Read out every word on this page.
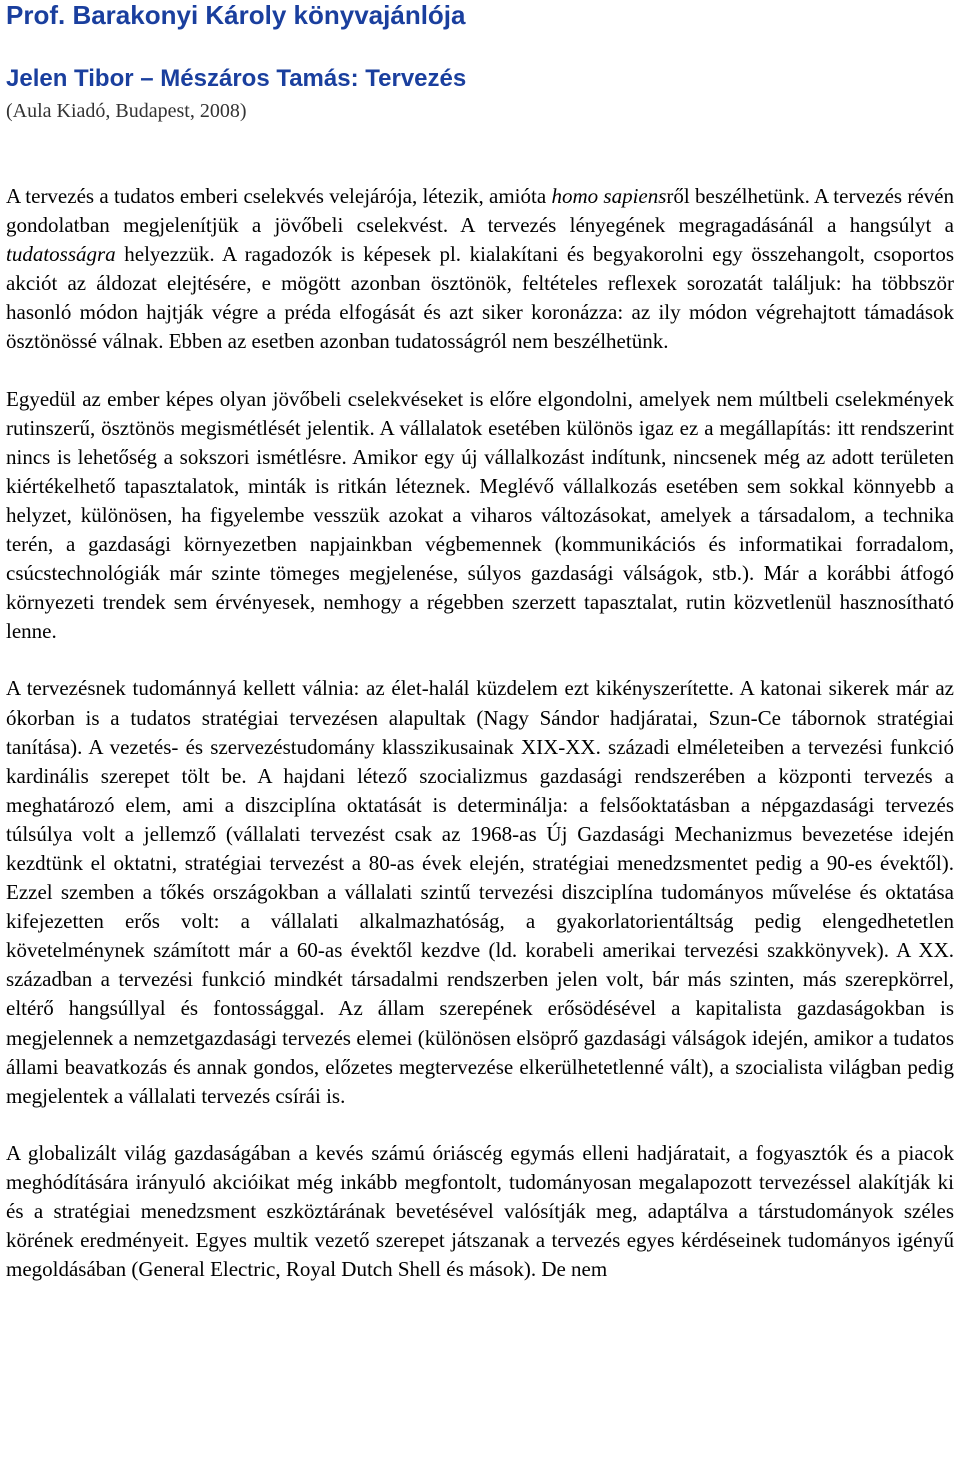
Prof. Barakonyi Károly könyvajánlója
Jelen Tibor – Mészáros Tamás: Tervezés
(Aula Kiadó, Budapest, 2008)

A tervezés a tudatos emberi cselekvés velejárója, létezik, amióta homo sapiensről beszélhetünk. A tervezés révén gondolatban megjelenítjük a jövőbeli cselekvést. A tervezés lényegének megragadásánál a hangsúlyt a tudatosságra helyezzük. A ragadozók is képesek pl. kialakítani és begyakorolni egy összehangolt, csoportos akciót az áldozat elejtésére, e mögött azonban ösztönök, feltételes reflexek sorozatát találjuk: ha többször hasonló módon hajtják végre a préda elfogását és azt siker koronázza: az ily módon végrehajtott támadások ösztönössé válnak. Ebben az esetben azonban tudatosságról nem beszélhetünk.

Egyedül az ember képes olyan jövőbeli cselekvéseket is előre elgondolni, amelyek nem múltbeli cselekmények rutinszerű, ösztönös megismétlését jelentik. A vállalatok esetében különös igaz ez a megállapítás: itt rendszerint nincs is lehetőség a sokszori ismétlésre. Amikor egy új vállalkozást indítunk, nincsenek még az adott területen kiértékelhető tapasztalatok, minták is ritkán léteznek. Meglévő vállalkozás esetében sem sokkal könnyebb a helyzet, különösen, ha figyelembe vesszük azokat a viharos változásokat, amelyek a társadalom, a technika terén, a gazdasági környezetben napjainkban végbemennek (kommunikációs és informatikai forradalom, csúcstechnológiák már szinte tömeges megjelenése, súlyos gazdasági válságok, stb.). Már a korábbi átfogó környezeti trendek sem érvényesek, nemhogy a régebben szerzett tapasztalat, rutin közvetlenül hasznosítható lenne.

A tervezésnek tudománnyá kellett válnia: az élet-halál küzdelem ezt kikényszerítette. A katonai sikerek már az ókorban is a tudatos stratégiai tervezésen alapultak (Nagy Sándor hadjáratai, Szun-Ce tábornok stratégiai tanítása). A vezetés- és szervezéstudomány klasszikusainak XIX-XX. századi elméleteiben a tervezési funkció kardinális szerepet tölt be. A hajdani létező szocializmus gazdasági rendszerében a központi tervezés a meghatározó elem, ami a diszciplína oktatását is determinálja: a felsőoktatásban a népgazdasági tervezés túlsúlya volt a jellemző (vállalati tervezést csak az 1968-as Új Gazdasági Mechanizmus bevezetése idején kezdtünk el oktatni, stratégiai tervezést a 80-as évek elején, stratégiai menedzsmentet pedig a 90-es évektől). Ezzel szemben a tőkés országokban a vállalati szintű tervezési diszciplína tudományos művelése és oktatása kifejezetten erős volt: a vállalati alkalmazhatóság, a gyakorlatorientáltság pedig elengedhetetlen követelménynek számított már a 60-as évektől kezdve (ld. korabeli amerikai tervezési szakkönyvek). A XX. században a tervezési funkció mindkét társadalmi rendszerben jelen volt, bár más szinten, más szerepkörrel, eltérő hangsúllyal és fontossággal. Az állam szerepének erősödésével a kapitalista gazdaságokban is megjelennek a nemzetgazdasági tervezés elemei (különösen elsöprő gazdasági válságok idején, amikor a tudatos állami beavatkozás és annak gondos, előzetes megtervezése elkerülhetetlenné vált), a szocialista világban pedig megjelentek a vállalati tervezés csírái is.

A globalizált világ gazdaságában a kevés számú óriáscég egymás elleni hadjáratait, a fogyasztók és a piacok meghódítására irányuló akcióikat még inkább megfontolt, tudományosan megalapozott tervezéssel alakítják ki és a stratégiai menedzsment eszköztárának bevetésével valósítják meg, adaptálva a társtudományok széles körének eredményeit. Egyes multik vezető szerepet játszanak a tervezés egyes kérdéseinek tudományos igényű megoldásában (General Electric, Royal Dutch Shell és mások). De nem
